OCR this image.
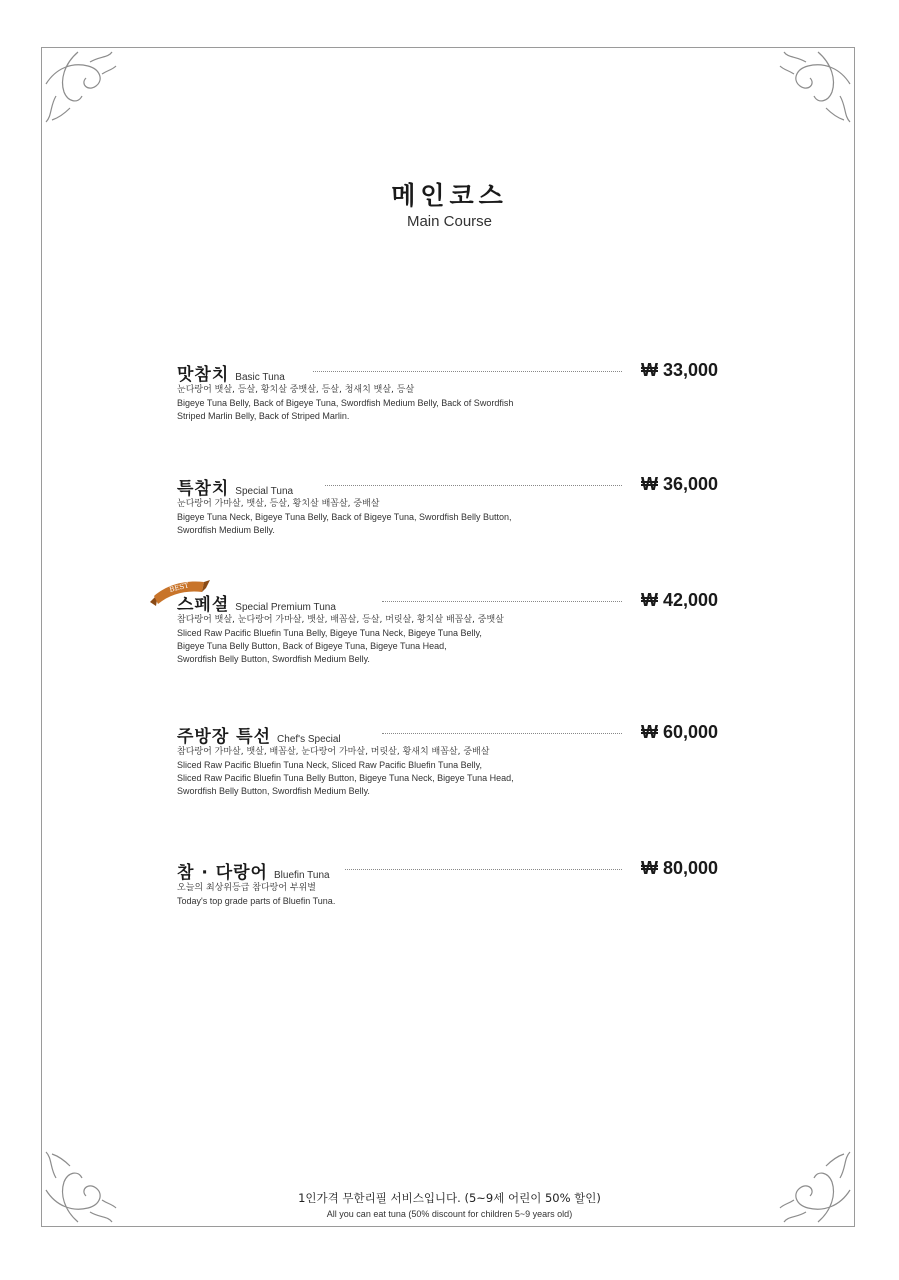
메인코스
Main Course
맛참치 Basic Tuna	₩ 33,000

눈다랑어 뱃살, 등살, 황치살 중뱃살, 등살, 청새치 뱃살, 등살

Bigeye Tuna Belly, Back of Bigeye Tuna, Swordfish Medium Belly, Back of Swordfish

Striped Marlin Belly, Back of Striped Marlin.

특참치 Special Tuna	₩ 36,000

눈다랑어 가마살, 뱃살, 등살, 황치살 배꼽살, 중배살

Bigeye Tuna Neck, Bigeye Tuna Belly, Back of Bigeye Tuna, Swordfish Belly Button,

Swordfish Medium Belly.

BEST
스페셜 Special Premium Tuna	₩ 42,000

참다랑어 뱃살, 눈다랑어 가마살, 뱃살, 배꼽살, 등살, 머릿살, 황치살 배꼽살, 중뱃살

Sliced Raw Pacific Bluefin Tuna Belly, Bigeye Tuna Neck, Bigeye Tuna Belly,

Bigeye Tuna Belly Button, Back of Bigeye Tuna, Bigeye Tuna Head,

Swordfish Belly Button, Swordfish Medium Belly.

주방장 특선 Chef's Special	₩ 60,000

참다랑어 가마살, 뱃살, 배꼽살, 눈다랑어 가마살, 머릿살, 황새치 배꼽살, 중배살

Sliced Raw Pacific Bluefin Tuna Neck, Sliced Raw Pacific Bluefin Tuna Belly,

Sliced Raw Pacific Bluefin Tuna Belly Button, Bigeye Tuna Neck, Bigeye Tuna Head,

Swordfish Belly Button, Swordfish Medium Belly.

참 · 다랑어 Bluefin Tuna	₩ 80,000

오늘의 최상위등급 참다랑어 부위별

Today's top grade parts of Bluefin Tuna.

1인가격 무한리필 서비스입니다. (5~9세 어린이 50% 할인)
All you can eat tuna (50% discount for children 5~9 years old)
